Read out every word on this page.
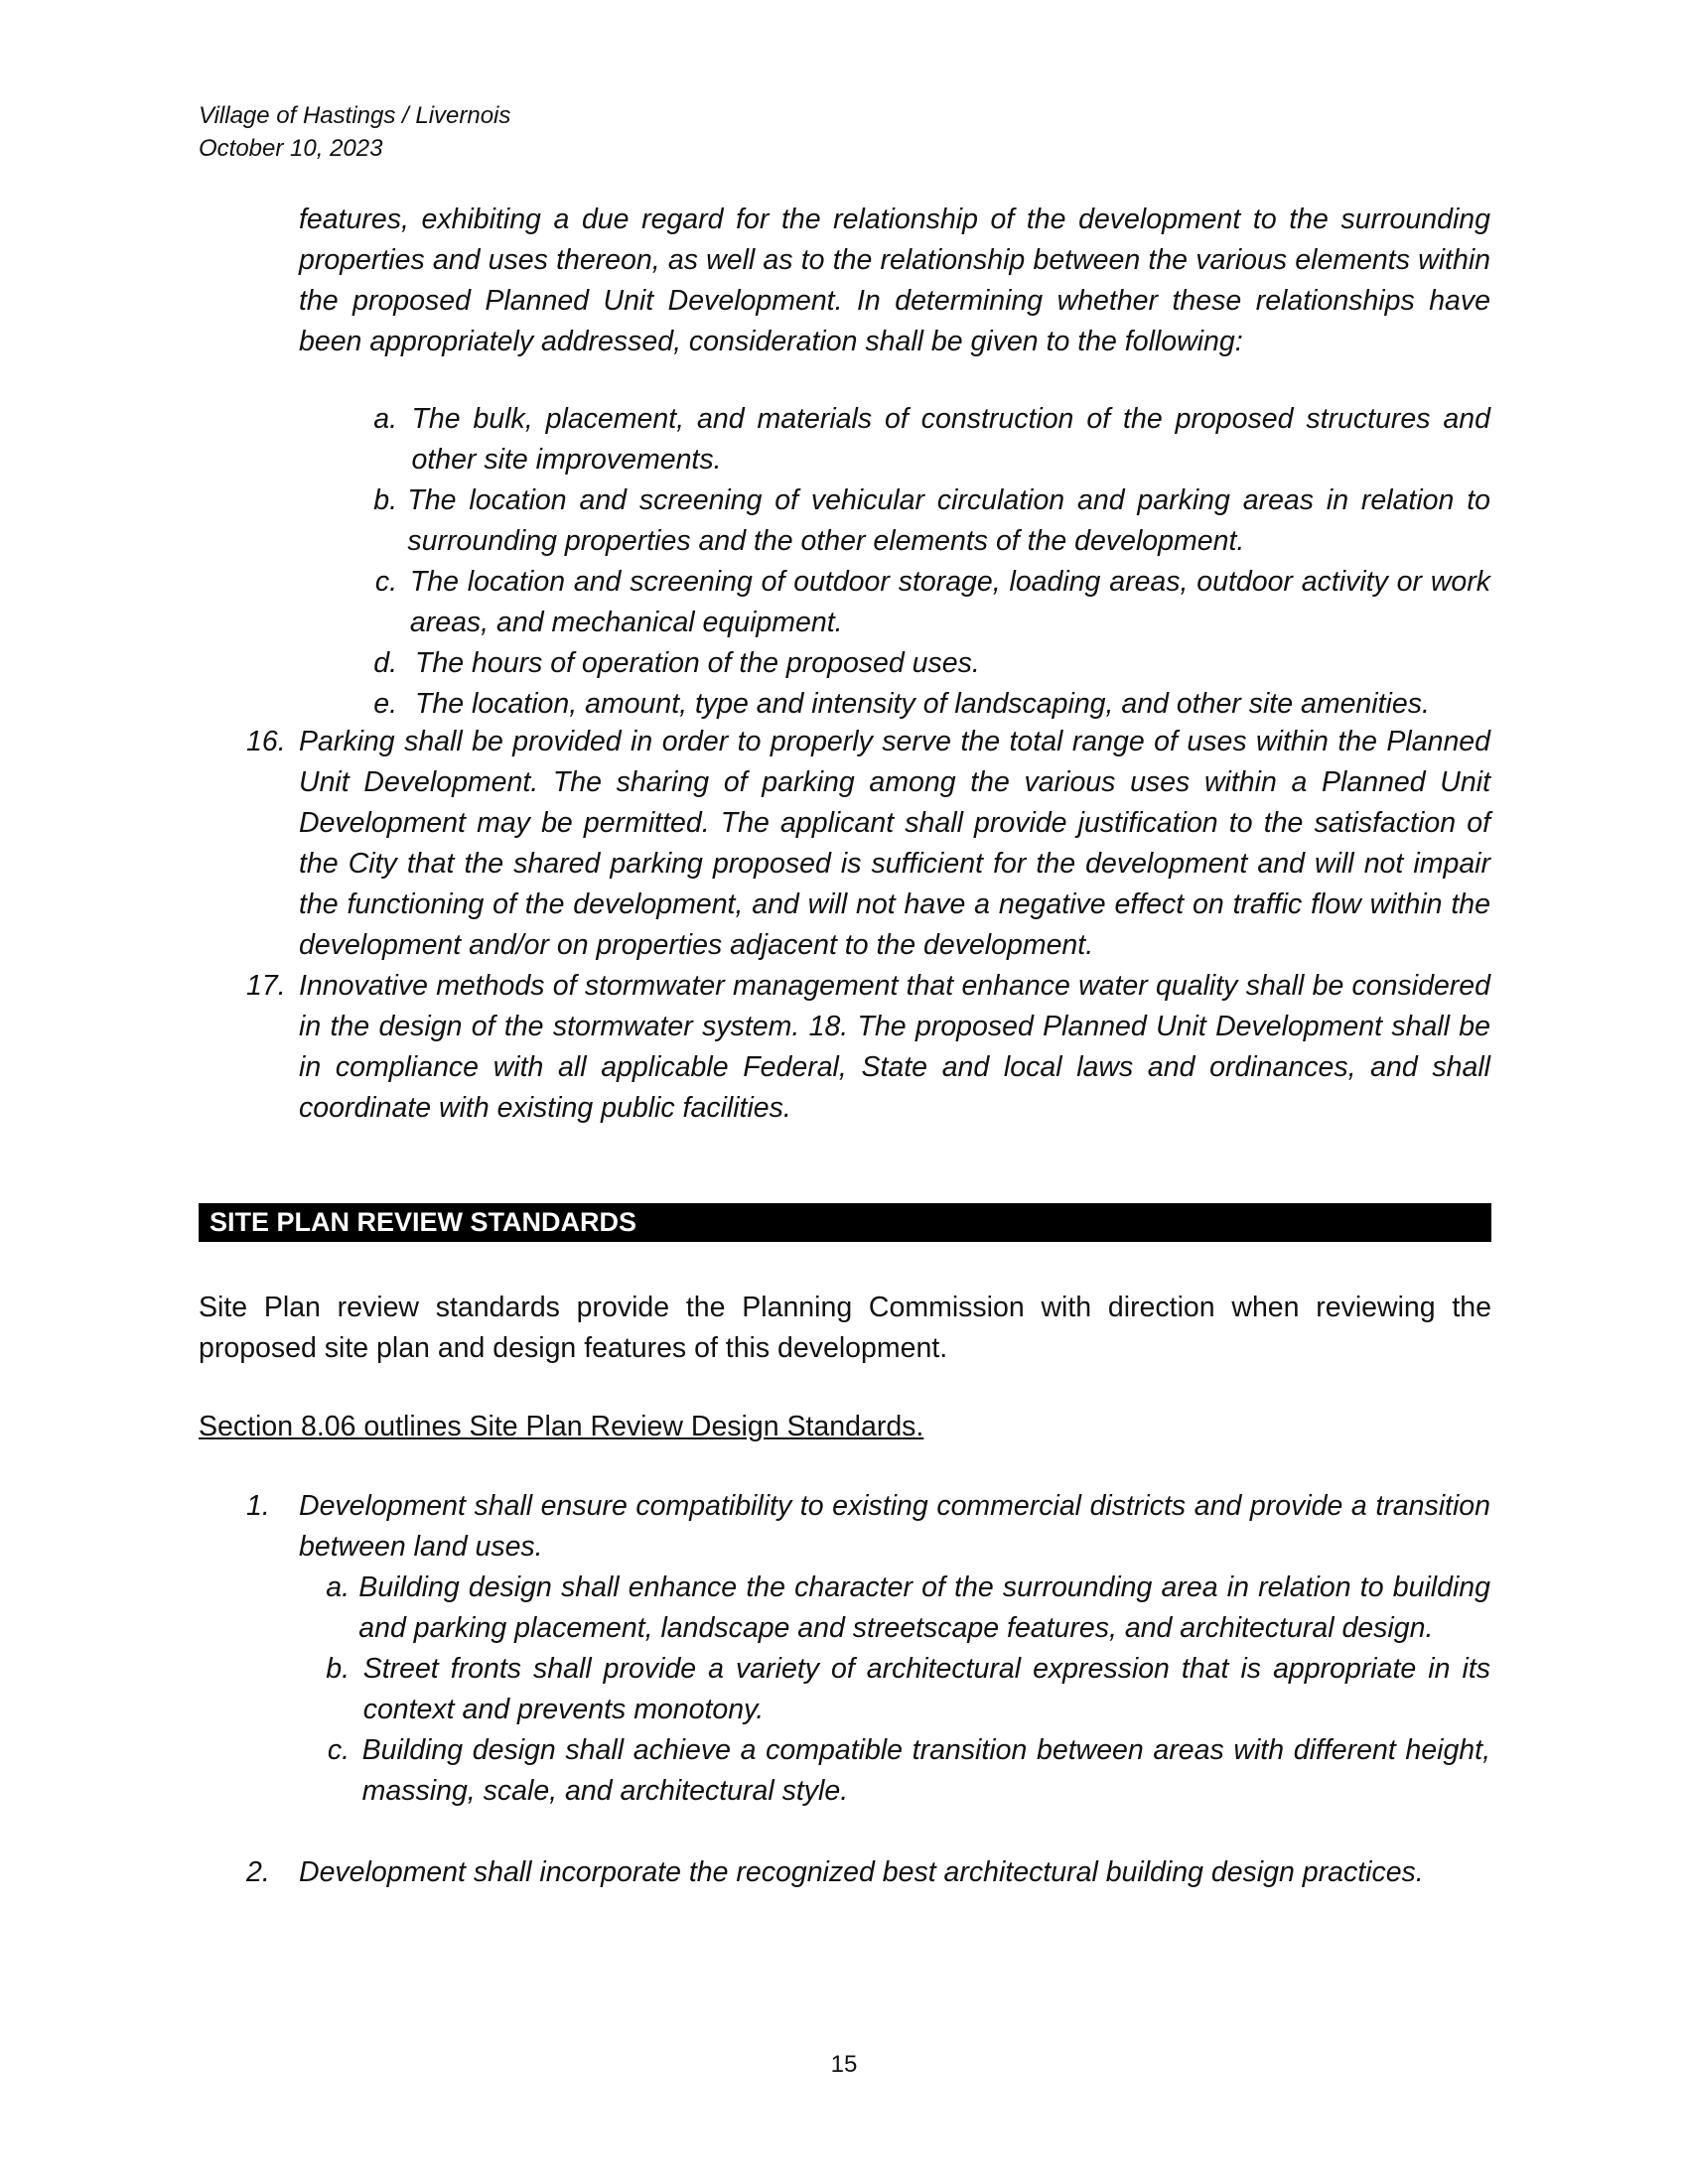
Village of Hastings / Livernois
October 10, 2023
features, exhibiting a due regard for the relationship of the development to the surrounding properties and uses thereon, as well as to the relationship between the various elements within the proposed Planned Unit Development. In determining whether these relationships have been appropriately addressed, consideration shall be given to the following:
a. The bulk, placement, and materials of construction of the proposed structures and other site improvements.
b. The location and screening of vehicular circulation and parking areas in relation to surrounding properties and the other elements of the development.
c. The location and screening of outdoor storage, loading areas, outdoor activity or work areas, and mechanical equipment.
d. The hours of operation of the proposed uses.
e. The location, amount, type and intensity of landscaping, and other site amenities.
16. Parking shall be provided in order to properly serve the total range of uses within the Planned Unit Development. The sharing of parking among the various uses within a Planned Unit Development may be permitted. The applicant shall provide justification to the satisfaction of the City that the shared parking proposed is sufficient for the development and will not impair the functioning of the development, and will not have a negative effect on traffic flow within the development and/or on properties adjacent to the development.
17. Innovative methods of stormwater management that enhance water quality shall be considered in the design of the stormwater system. 18. The proposed Planned Unit Development shall be in compliance with all applicable Federal, State and local laws and ordinances, and shall coordinate with existing public facilities.
SITE PLAN REVIEW STANDARDS
Site Plan review standards provide the Planning Commission with direction when reviewing the proposed site plan and design features of this development.
Section 8.06 outlines Site Plan Review Design Standards.
1.	Development shall ensure compatibility to existing commercial districts and provide a transition between land uses.
a. Building design shall enhance the character of the surrounding area in relation to building and parking placement, landscape and streetscape features, and architectural design.
b. Street fronts shall provide a variety of architectural expression that is appropriate in its context and prevents monotony.
c. Building design shall achieve a compatible transition between areas with different height, massing, scale, and architectural style.
2.	Development shall incorporate the recognized best architectural building design practices.
15
